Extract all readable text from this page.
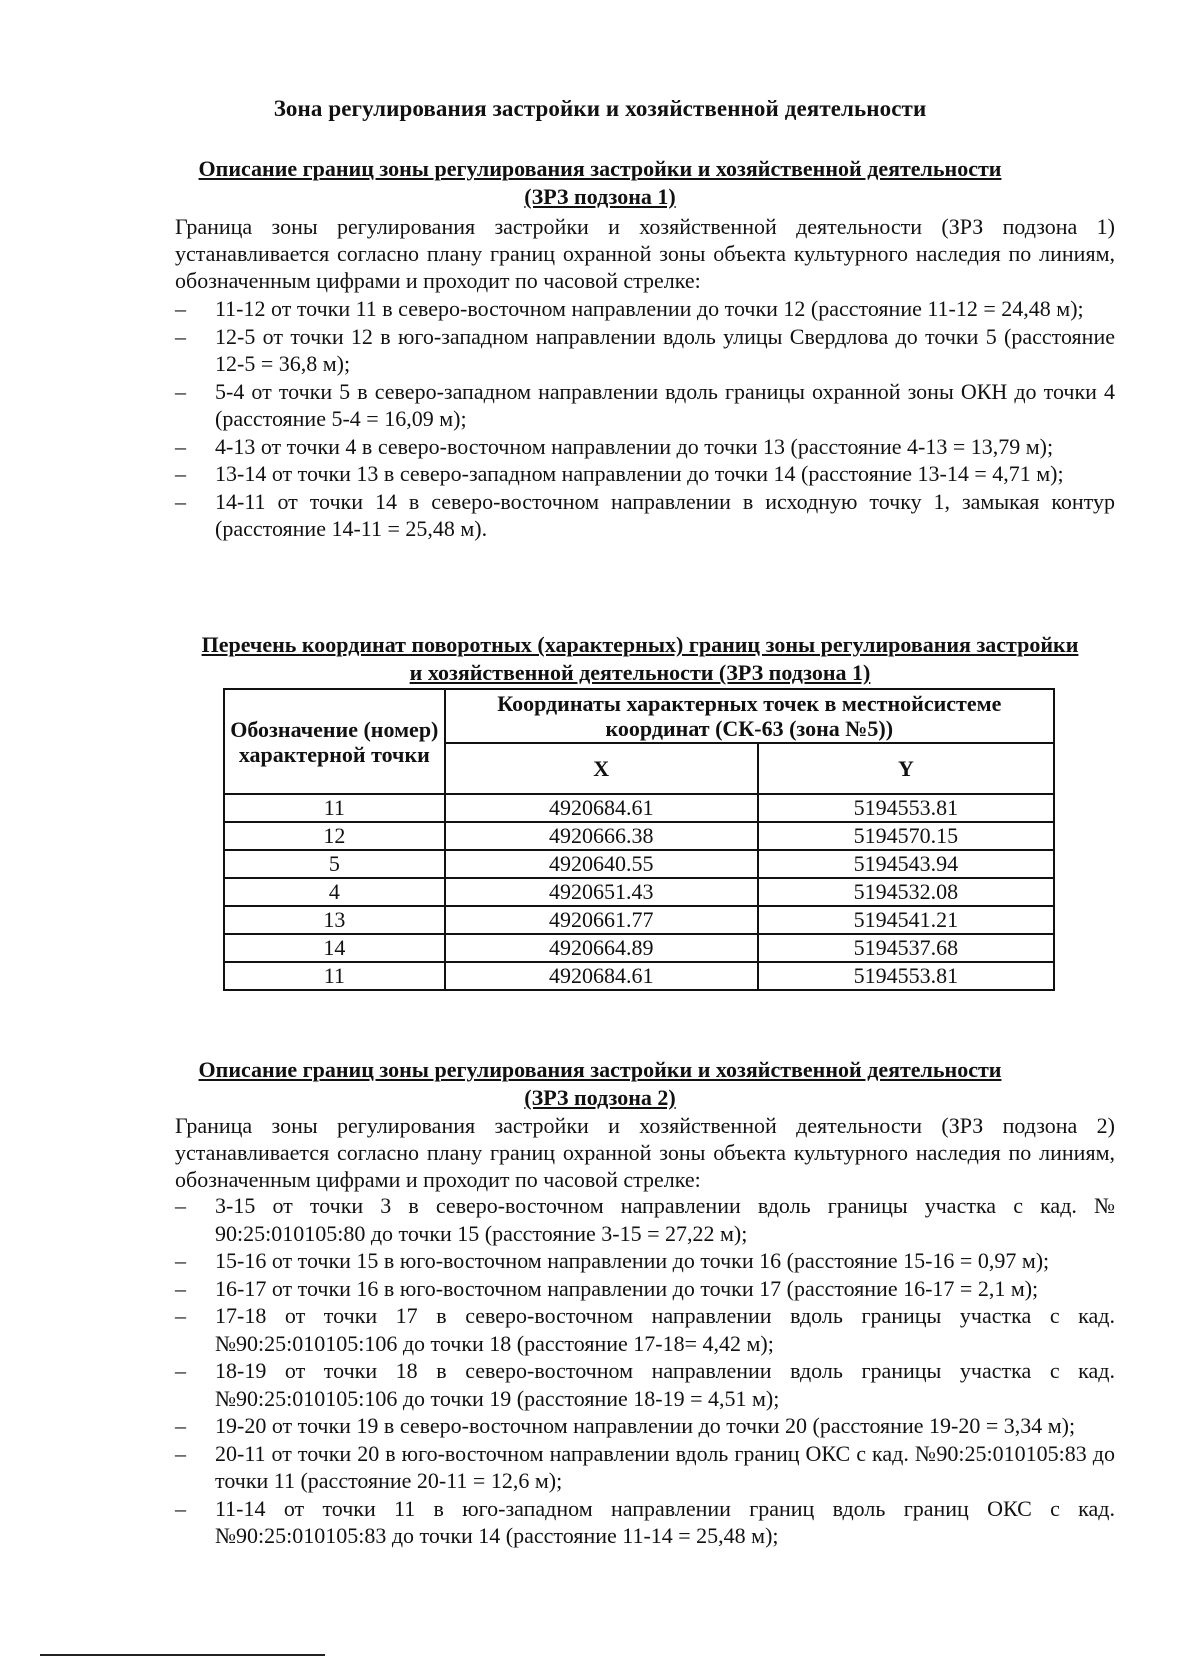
Зона регулирования застройки и хозяйственной деятельности
Описание границ зоны регулирования застройки и хозяйственной деятельности
(ЗРЗ подзона 1)
Граница зоны регулирования застройки и хозяйственной деятельности (ЗРЗ подзона 1) устанавливается согласно плану границ охранной зоны объекта культурного наследия по линиям, обозначенным цифрами и проходит по часовой стрелке:
– 11-12 от точки 11 в северо-восточном направлении до точки 12 (расстояние 11-12 = 24,48 м);
– 12-5 от точки 12 в юго-западном направлении вдоль улицы Свердлова до точки 5 (расстояние 12-5 = 36,8 м);
– 5-4 от точки 5 в северо-западном направлении вдоль границы охранной зоны ОКН до точки 4 (расстояние 5-4 = 16,09 м);
– 4-13 от точки 4 в северо-восточном направлении до точки 13 (расстояние 4-13 = 13,79 м);
– 13-14 от точки 13 в северо-западном направлении до точки 14 (расстояние 13-14 = 4,71 м);
– 14-11 от точки 14 в северо-восточном направлении в исходную точку 1, замыкая контур (расстояние 14-11 = 25,48 м).
Перечень координат поворотных (характерных) границ зоны регулирования застройки
и хозяйственной деятельности (ЗРЗ подзона 1)
Обозначение (номер) характерной точки	Координаты характерных точек в местнойсистеме координат (СК-63 (зона №5))	
	X	Y
11	4920684.61	5194553.81
12	4920666.38	5194570.15
5	4920640.55	5194543.94
4	4920651.43	5194532.08
13	4920661.77	5194541.21
14	4920664.89	5194537.68
11	4920684.61	5194553.81
Описание границ зоны регулирования застройки и хозяйственной деятельности
(ЗРЗ подзона 2)
Граница зоны регулирования застройки и хозяйственной деятельности (ЗРЗ подзона 2) устанавливается согласно плану границ охранной зоны объекта культурного наследия по линиям, обозначенным цифрами и проходит по часовой стрелке:
– 3-15 от точки 3 в северо-восточном направлении вдоль границы участка с кад. № 90:25:010105:80 до точки 15 (расстояние 3-15 = 27,22 м);
– 15-16 от точки 15 в юго-восточном направлении до точки 16 (расстояние 15-16 = 0,97 м);
– 16-17 от точки 16 в юго-восточном направлении до точки 17 (расстояние 16-17 = 2,1 м);
– 17-18 от точки 17 в северо-восточном направлении вдоль границы участка с кад. №90:25:010105:106 до точки 18 (расстояние 17-18= 4,42 м);
– 18-19 от точки 18 в северо-восточном направлении вдоль границы участка с кад. №90:25:010105:106 до точки 19 (расстояние 18-19 = 4,51 м);
– 19-20 от точки 19 в северо-восточном направлении до точки 20 (расстояние 19-20 = 3,34 м);
– 20-11 от точки 20 в юго-восточном направлении вдоль границ ОКС с кад. №90:25:010105:83 до точки 11 (расстояние 20-11 = 12,6 м);
– 11-14 от точки 11 в юго-западном направлении границ вдоль границ ОКС с кад. №90:25:010105:83 до точки 14 (расстояние 11-14 = 25,48 м);
